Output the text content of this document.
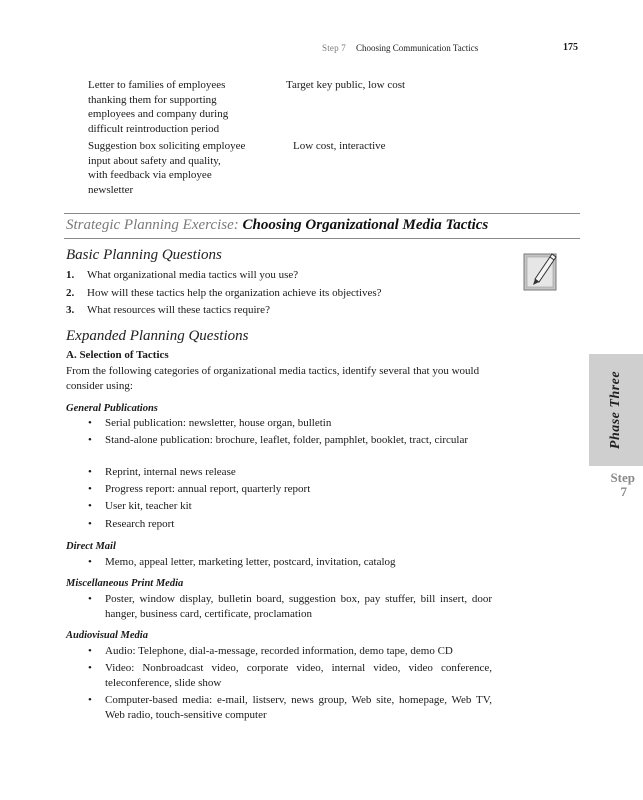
Step 7 Choosing Communication Tactics	175
Letter to families of employees
thanking them for supporting
employees and company during
difficult reintroduction period
Target key public, low cost
Suggestion box soliciting employee
input about safety and quality,
with feedback via employee
newsletter
Low cost, interactive
Strategic Planning Exercise: Choosing Organizational Media Tactics
Basic Planning Questions
1. What organizational media tactics will you use?
2. How will these tactics help the organization achieve its objectives?
3. What resources will these tactics require?
Expanded Planning Questions
A. Selection of Tactics
From the following categories of organizational media tactics, identify several that you would consider using:
General Publications
• Serial publication: newsletter, house organ, bulletin
• Stand-alone publication: brochure, leaflet, folder, pamphlet, booklet, tract, circular
• Reprint, internal news release
• Progress report: annual report, quarterly report
• User kit, teacher kit
• Research report
Direct Mail
• Memo, appeal letter, marketing letter, postcard, invitation, catalog
Miscellaneous Print Media
• Poster, window display, bulletin board, suggestion box, pay stuffer, bill insert, door hanger, business card, certificate, proclamation
Audiovisual Media
• Audio: Telephone, dial-a-message, recorded information, demo tape, demo CD
• Video: Nonbroadcast video, corporate video, internal video, video conference, teleconference, slide show
• Computer-based media: e-mail, listserv, news group, Web site, homepage, Web TV, Web radio, touch-sensitive computer
Phase Three
Step
7
